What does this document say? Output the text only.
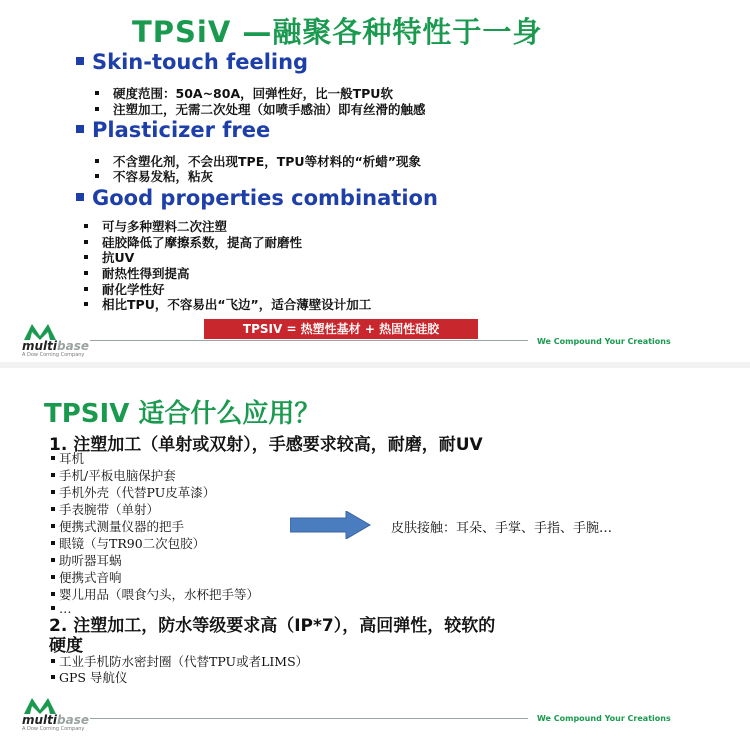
TPSiV —融聚各种特性于一身
Skin-touch feeling
硬度范围：50A~80A，回弹性好，比一般TPU软
注塑加工，无需二次处理（如喷手感油）即有丝滑的触感
Plasticizer free
不含塑化剂，不会出现TPE，TPU等材料的“析蜡”现象
不容易发粘，粘灰
Good properties combination
可与多种塑料二次注塑
硅胶降低了摩擦系数，提高了耐磨性
抗UV
耐热性得到提高
耐化学性好
相比TPU，不容易出“飞边”，适合薄壁设计加工
TPSIV = 热塑性基材 + 热固性硅胶
multibase
A Dow Corning Company
We Compound Your Creations
TPSIV 适合什么应用？
1. 注塑加工（单射或双射），手感要求较高，耐磨，耐UV
耳机
手机/平板电脑保护套
手机外壳（代替PU皮革漆）
手表腕带（单射）
便携式测量仪器的把手
眼镜（与TR90二次包胶）
助听器耳蜗
便携式音响
婴儿用品（喂食勺头，水杯把手等）
…
皮肤接触：耳朵、手掌、手指、手腕…
2. 注塑加工，防水等级要求高（IP*7），高回弹性，较软的
硬度
工业手机防水密封圈（代替TPU或者LIMS）
GPS 导航仪
multibase
A Dow Corning Company
We Compound Your Creations
